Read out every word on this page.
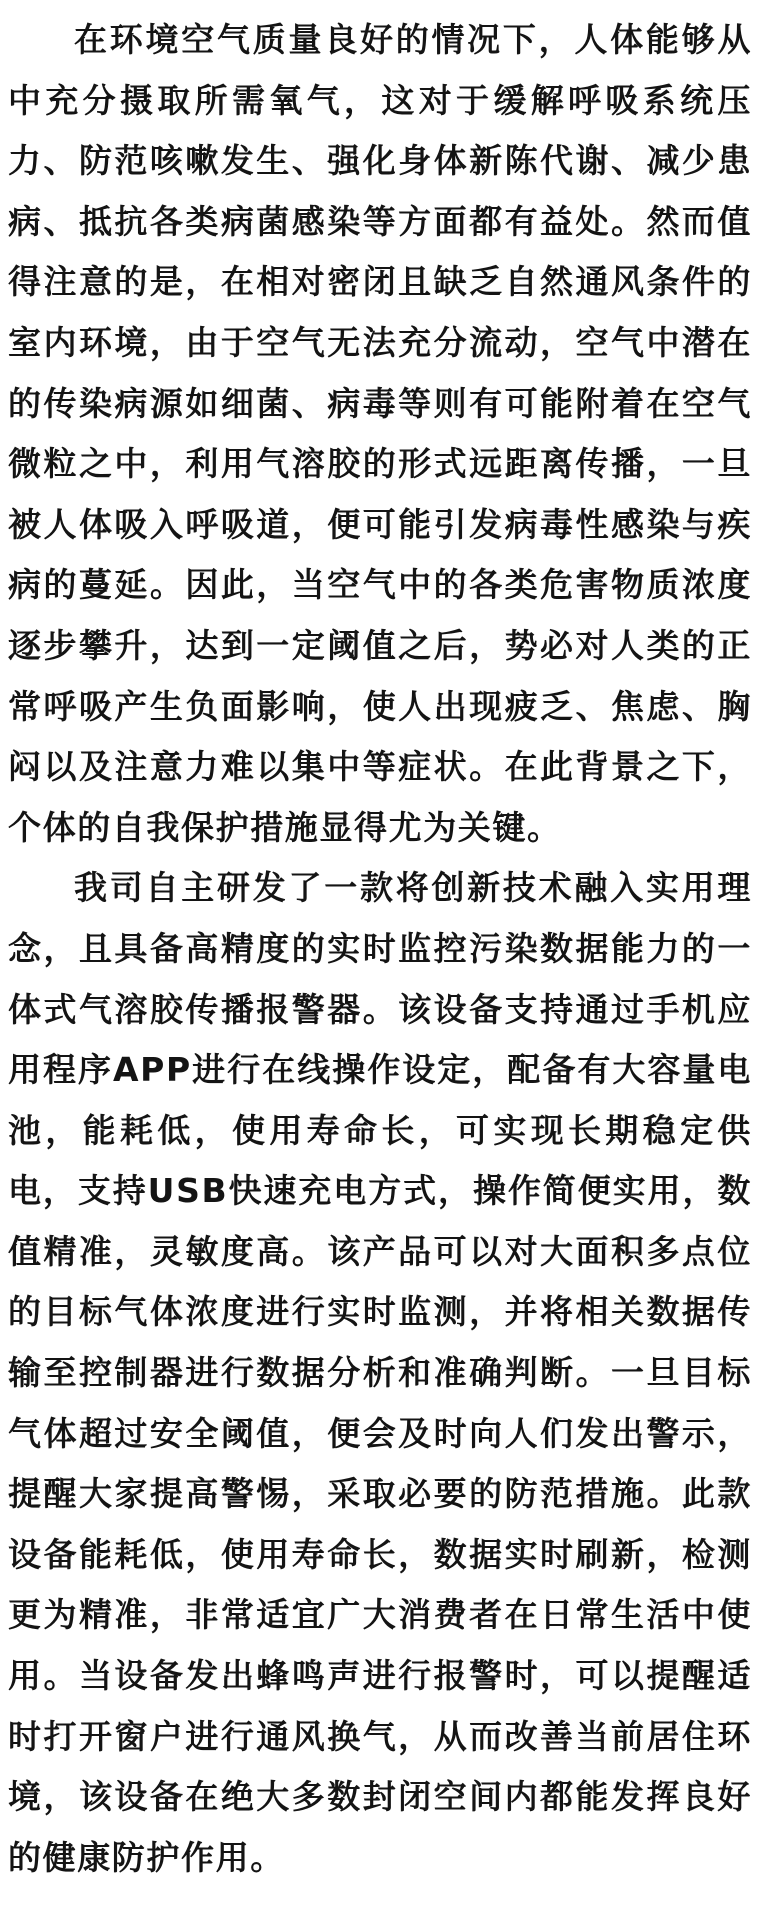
在环境空气质量良好的情况下，人体能够从中充分摄取所需氧气，这对于缓解呼吸系统压力、防范咳嗽发生、强化身体新陈代谢、减少患病、抵抗各类病菌感染等方面都有益处。然而值得注意的是，在相对密闭且缺乏自然通风条件的室内环境，由于空气无法充分流动，空气中潜在的传染病源如细菌、病毒等则有可能附着在空气微粒之中，利用气溶胶的形式远距离传播，一旦被人体吸入呼吸道，便可能引发病毒性感染与疾病的蔓延。因此，当空气中的各类危害物质浓度逐步攀升，达到一定阈值之后，势必对人类的正常呼吸产生负面影响，使人出现疲乏、焦虑、胸闷以及注意力难以集中等症状。在此背景之下，个体的自我保护措施显得尤为关键。

我司自主研发了一款将创新技术融入实用理念，且具备高精度的实时监控污染数据能力的一体式气溶胶传播报警器。该设备支持通过手机应用程序APP进行在线操作设定，配备有大容量电池，能耗低，使用寿命长，可实现长期稳定供电，支持USB快速充电方式，操作简便实用，数值精准，灵敏度高。该产品可以对大面积多点位的目标气体浓度进行实时监测，并将相关数据传输至控制器进行数据分析和准确判断。一旦目标气体超过安全阈值，便会及时向人们发出警示，提醒大家提高警惕，采取必要的防范措施。此款设备能耗低，使用寿命长，数据实时刷新，检测更为精准，非常适宜广大消费者在日常生活中使用。当设备发出蜂鸣声进行报警时，可以提醒适时打开窗户进行通风换气，从而改善当前居住环境，该设备在绝大多数封闭空间内都能发挥良好的健康防护作用。
